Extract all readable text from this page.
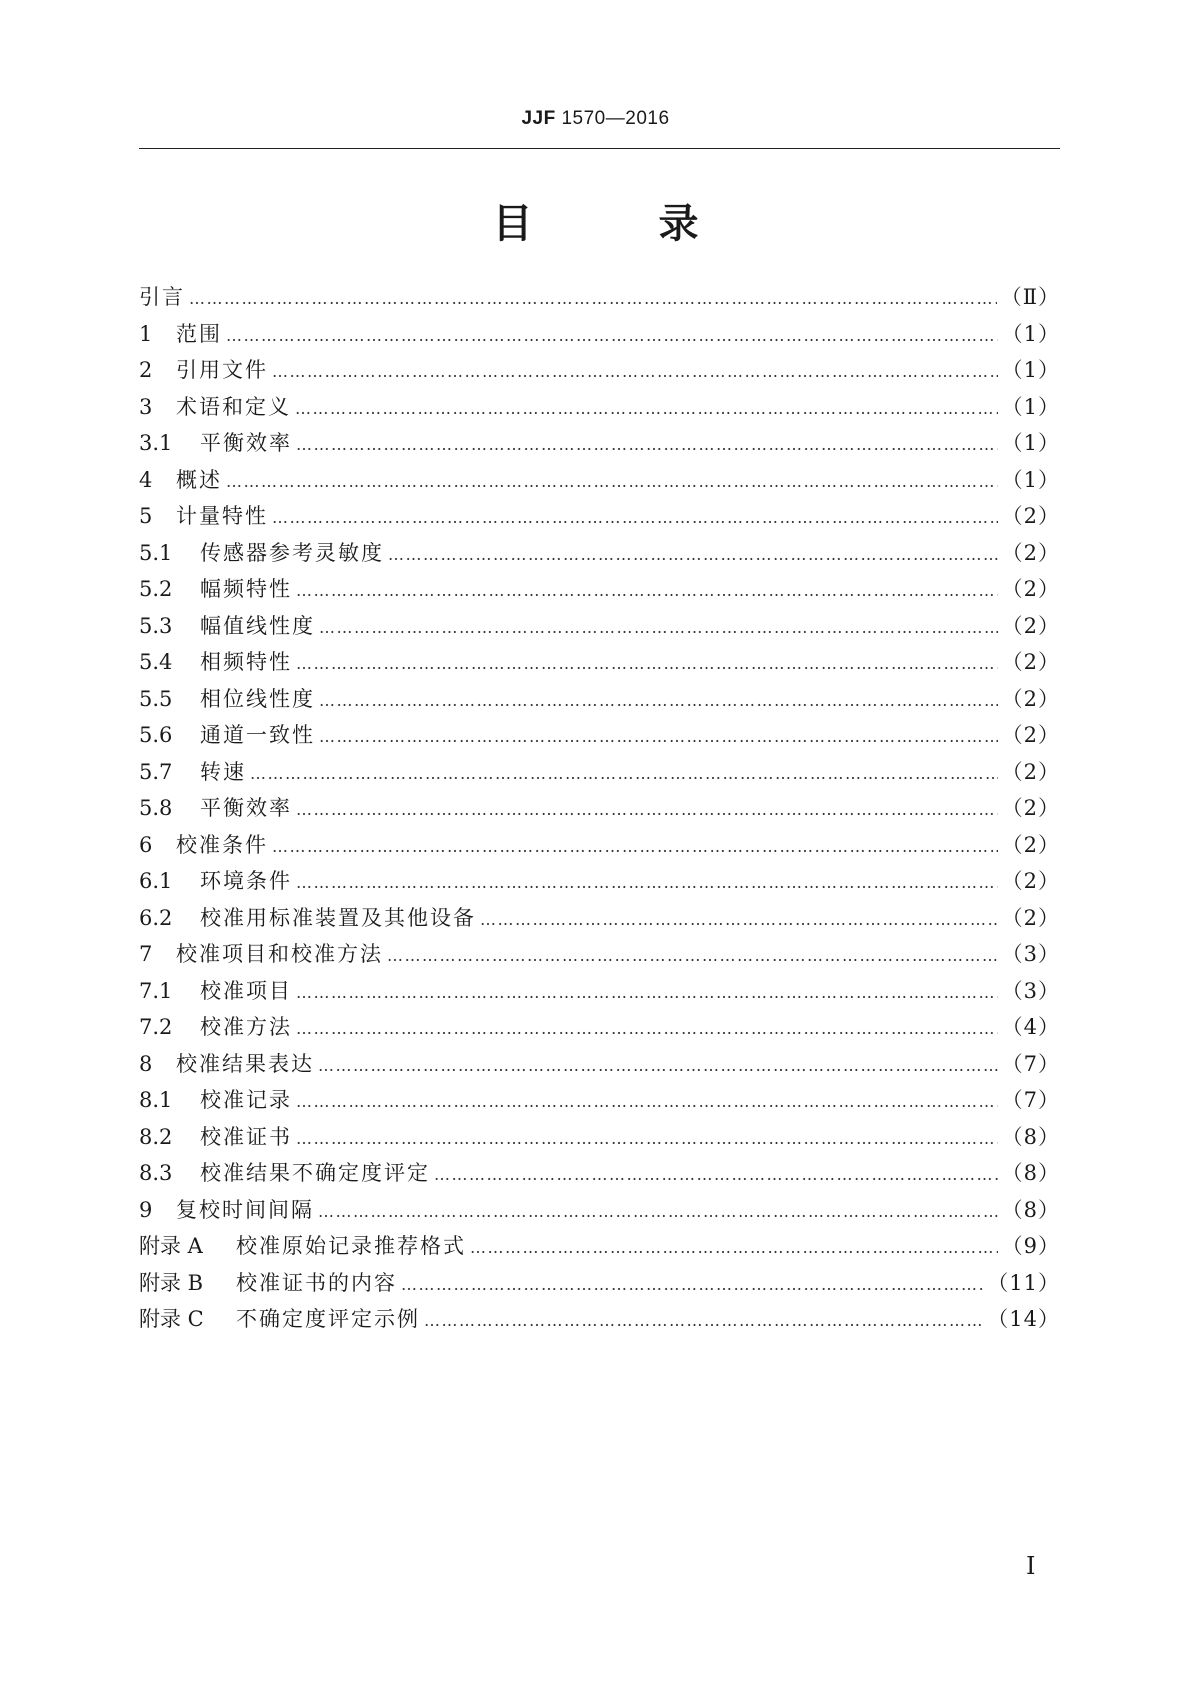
JJF 1570—2016
目 录
引言 …………………………………………………………………………………………………………………………………………………………………………………	（Ⅱ）
1	范围 …………………………………………………………………………………………………………………………………………………………………………………	（1）
2	引用文件 …………………………………………………………………………………………………………………………………………………………………………………	（1）
3	术语和定义 …………………………………………………………………………………………………………………………………………………………………………………	（1）
3.1	平衡效率 …………………………………………………………………………………………………………………………………………………………………………………	（1）
4	概述 …………………………………………………………………………………………………………………………………………………………………………………	（1）
5	计量特性 …………………………………………………………………………………………………………………………………………………………………………………	（2）
5.1	传感器参考灵敏度 …………………………………………………………………………………………………………………………………………………………………………………	（2）
5.2	幅频特性 …………………………………………………………………………………………………………………………………………………………………………………	（2）
5.3	幅值线性度 …………………………………………………………………………………………………………………………………………………………………………………	（2）
5.4	相频特性 …………………………………………………………………………………………………………………………………………………………………………………	（2）
5.5	相位线性度 …………………………………………………………………………………………………………………………………………………………………………………	（2）
5.6	通道一致性 …………………………………………………………………………………………………………………………………………………………………………………	（2）
5.7	转速 …………………………………………………………………………………………………………………………………………………………………………………	（2）
5.8	平衡效率 …………………………………………………………………………………………………………………………………………………………………………………	（2）
6	校准条件 …………………………………………………………………………………………………………………………………………………………………………………	（2）
6.1	环境条件 …………………………………………………………………………………………………………………………………………………………………………………	（2）
6.2	校准用标准装置及其他设备 …………………………………………………………………………………………………………………………………………………………………………………	（2）
7	校准项目和校准方法 …………………………………………………………………………………………………………………………………………………………………………………	（3）
7.1	校准项目 …………………………………………………………………………………………………………………………………………………………………………………	（3）
7.2	校准方法 …………………………………………………………………………………………………………………………………………………………………………………	（4）
8	校准结果表达 …………………………………………………………………………………………………………………………………………………………………………………	（7）
8.1	校准记录 …………………………………………………………………………………………………………………………………………………………………………………	（7）
8.2	校准证书 …………………………………………………………………………………………………………………………………………………………………………………	（8）
8.3	校准结果不确定度评定 …………………………………………………………………………………………………………………………………………………………………………………	（8）
9	复校时间间隔 …………………………………………………………………………………………………………………………………………………………………………………	（8）
附录 A	校准原始记录推荐格式 …………………………………………………………………………………………………………………………………………………………………………………	（9）
附录 B	校准证书的内容 …………………………………………………………………………………………………………………………………………………………………………………	（11）
附录 C	不确定度评定示例 …………………………………………………………………………………………………………………………………………………………………………………	（14）
I
